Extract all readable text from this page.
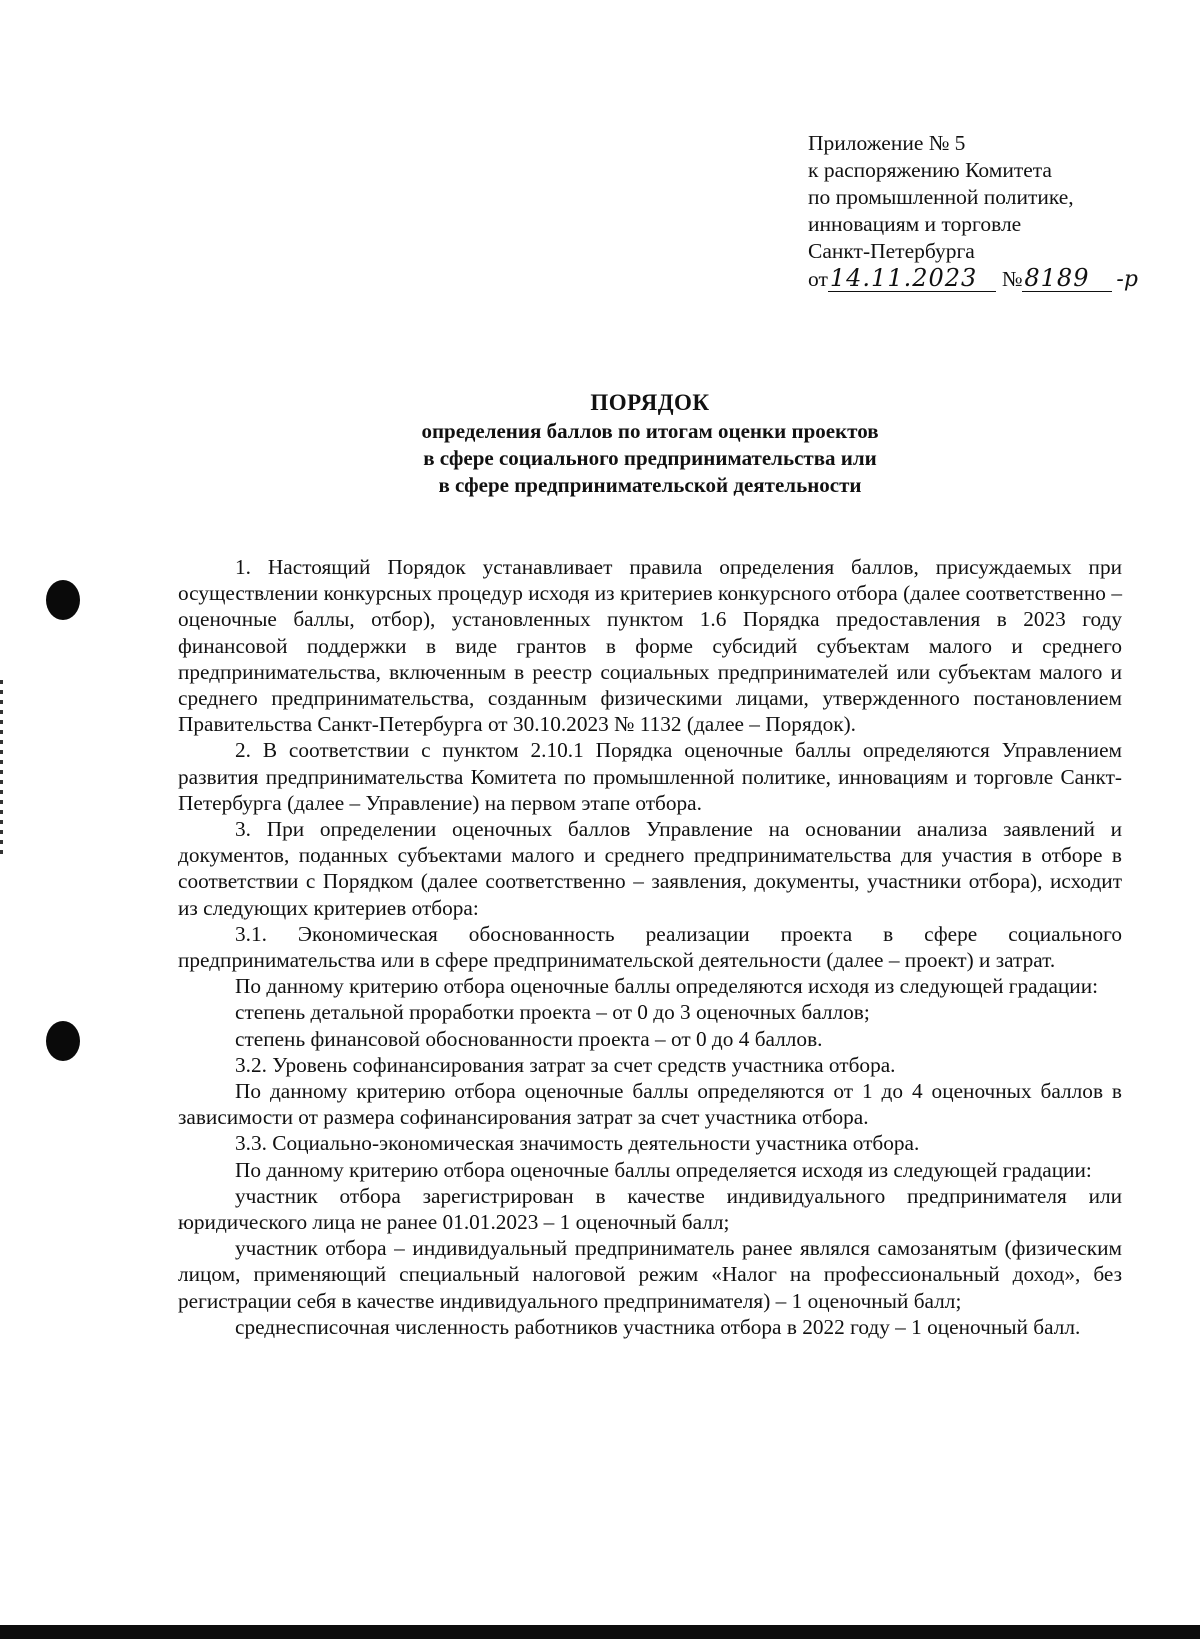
Приложение № 5
к распоряжению Комитета
по промышленной политике,
инновациям и торговле
Санкт-Петербурга
от 14.11.2023	№ 8189	-р
ПОРЯДОК
определения баллов по итогам оценки проектов
в сфере социального предпринимательства или
в сфере предпринимательской деятельности

1. Настоящий Порядок устанавливает правила определения баллов, присуждаемых при осуществлении конкурсных процедур исходя из критериев конкурсного отбора (далее соответственно – оценочные баллы, отбор), установленных пунктом 1.6 Порядка предоставления в 2023 году финансовой поддержки в виде грантов в форме субсидий субъектам малого и среднего предпринимательства, включенным в реестр социальных предпринимателей или субъектам малого и среднего предпринимательства, созданным физическими лицами, утвержденного постановлением Правительства Санкт-Петербурга от 30.10.2023 № 1132 (далее – Порядок).

2. В соответствии с пунктом 2.10.1 Порядка оценочные баллы определяются Управлением развития предпринимательства Комитета по промышленной политике, инновациям и торговле Санкт-Петербурга (далее – Управление) на первом этапе отбора.

3. При определении оценочных баллов Управление на основании анализа заявлений и документов, поданных субъектами малого и среднего предпринимательства для участия в отборе в соответствии с Порядком (далее соответственно – заявления, документы, участники отбора), исходит из следующих критериев отбора:

3.1. Экономическая обоснованность реализации проекта в сфере социального предпринимательства или в сфере предпринимательской деятельности (далее – проект) и затрат.

По данному критерию отбора оценочные баллы определяются исходя из следующей градации:

степень детальной проработки проекта – от 0 до 3 оценочных баллов;

степень финансовой обоснованности проекта – от 0 до 4 баллов.

3.2. Уровень софинансирования затрат за счет средств участника отбора.

По данному критерию отбора оценочные баллы определяются от 1 до 4 оценочных баллов в зависимости от размера софинансирования затрат за счет участника отбора.

3.3. Социально-экономическая значимость деятельности участника отбора.

По данному критерию отбора оценочные баллы определяется исходя из следующей градации:

участник отбора зарегистрирован в качестве индивидуального предпринимателя или юридического лица не ранее 01.01.2023 – 1 оценочный балл;

участник отбора – индивидуальный предприниматель ранее являлся самозанятым (физическим лицом, применяющий специальный налоговой режим «Налог на профессиональный доход», без регистрации себя в качестве индивидуального предпринимателя) – 1 оценочный балл;

среднесписочная численность работников участника отбора в 2022 году – 1 оценочный балл.
